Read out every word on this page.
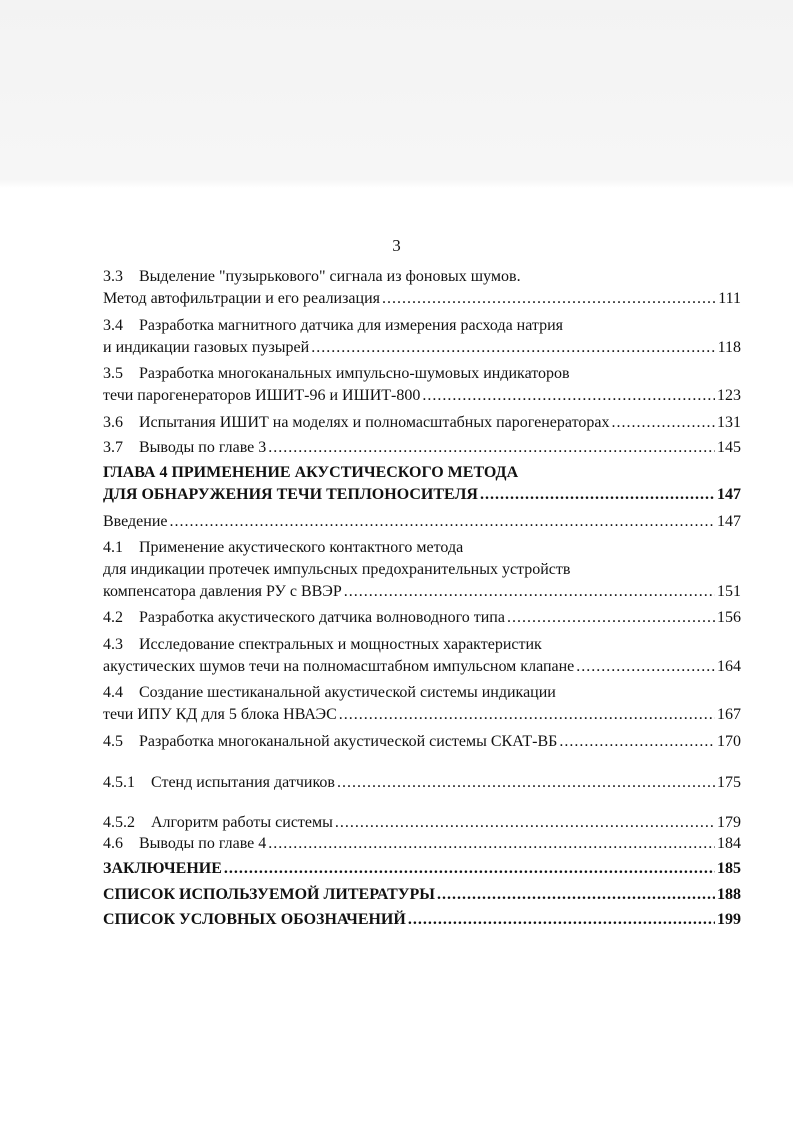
3
3.3 Выделение "пузырькового" сигнала из фоновых шумов.
Метод автофильтрации и его реализация .....	111
3.4 Разработка магнитного датчика для измерения расхода натрия
и индикации газовых пузырей .....	118
3.5 Разработка многоканальных импульсно-шумовых индикаторов
течи парогенераторов ИШИТ-96 и ИШИТ-800 .....	123
3.6 Испытания ИШИТ на моделях и полномасштабных парогенераторах .....	131
3.7 Выводы по главе 3 .....	145
ГЛАВА 4 ПРИМЕНЕНИЕ АКУСТИЧЕСКОГО МЕТОДА
ДЛЯ ОБНАРУЖЕНИЯ ТЕЧИ ТЕПЛОНОСИТЕЛЯ .....	147
Введение .....	147
4.1 Применение акустического контактного метода
для индикации протечек импульсных предохранительных устройств
компенсатора давления РУ с ВВЭР .....	151
4.2 Разработка акустического датчика волноводного типа .....	156
4.3 Исследование спектральных и мощностных характеристик
акустических шумов течи на полномасштабном импульсном клапане .....	164
4.4 Создание шестиканальной акустической системы индикации
течи ИПУ КД для 5 блока НВАЭС .....	167
4.5 Разработка многоканальной акустической системы СКАТ-ВБ .....	170
4.5.1 Стенд испытания датчиков .....	175
4.5.2 Алгоритм работы системы .....	179
4.6 Выводы по главе 4 .....	184
ЗАКЛЮЧЕНИЕ .....	185
СПИСОК ИСПОЛЬЗУЕМОЙ ЛИТЕРАТУРЫ .....	188
СПИСОК УСЛОВНЫХ ОБОЗНАЧЕНИЙ .....	199
